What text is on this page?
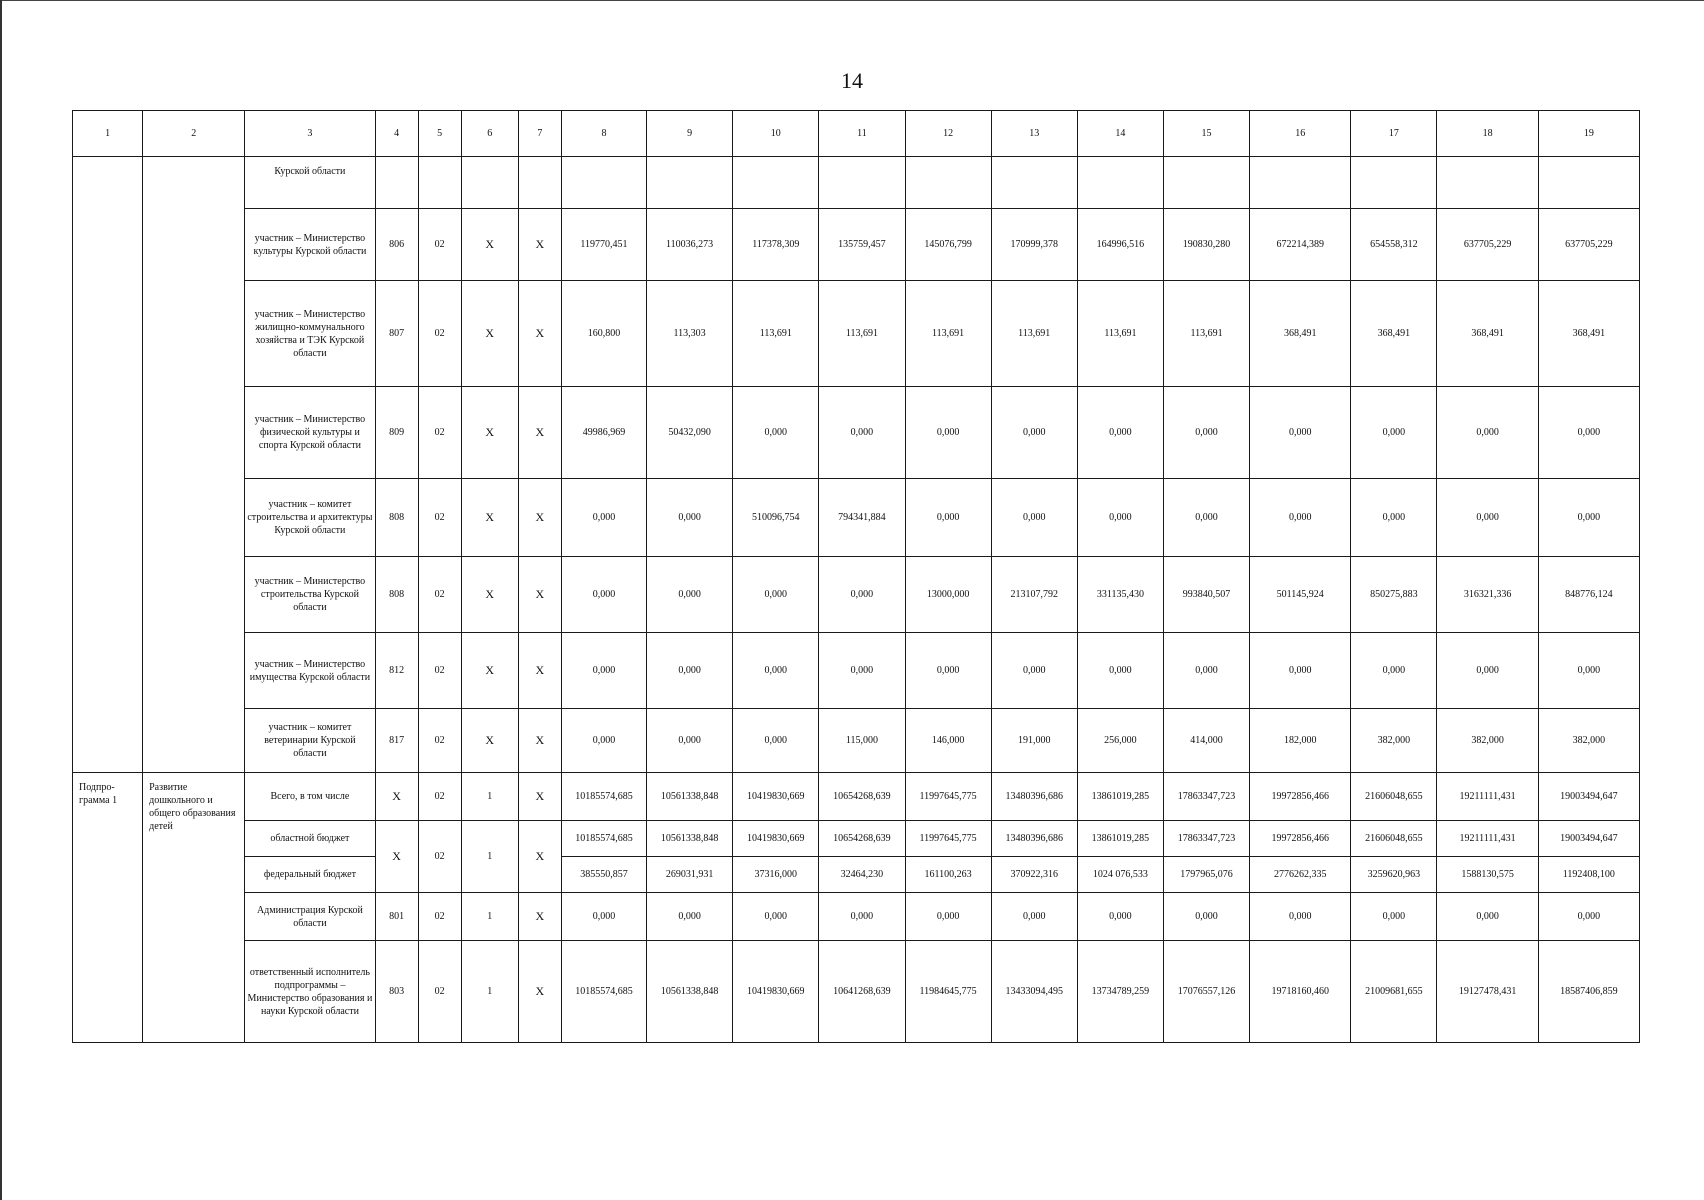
14
1	2	3	4	5	6	7	8	9	10	11	12	13	14	15	16	17	18	19
		Курской области																
		участник – Министерство культуры Курской области	806	02	X	X	119770,451	110036,273	117378,309	135759,457	145076,799	170999,378	164996,516	190830,280	672214,389	654558,312	637705,229	637705,229
		участник – Министерство жилищно-коммунального хозяйства и ТЭК Курской области	807	02	X	X	160,800	113,303	113,691	113,691	113,691	113,691	113,691	113,691	368,491	368,491	368,491	368,491
		участник – Министерство физической культуры и спорта Курской области	809	02	X	X	49986,969	50432,090	0,000	0,000	0,000	0,000	0,000	0,000	0,000	0,000	0,000	0,000
		участник – комитет строительства и архитектуры Курской области	808	02	X	X	0,000	0,000	510096,754	794341,884	0,000	0,000	0,000	0,000	0,000	0,000	0,000	0,000
		участник – Министерство строительства Курской области	808	02	X	X	0,000	0,000	0,000	0,000	13000,000	213107,792	331135,430	993840,507	501145,924	850275,883	316321,336	848776,124
		участник – Министерство имущества Курской области	812	02	X	X	0,000	0,000	0,000	0,000	0,000	0,000	0,000	0,000	0,000	0,000	0,000	0,000
		участник – комитет ветеринарии Курской области	817	02	X	X	0,000	0,000	0,000	115,000	146,000	191,000	256,000	414,000	182,000	382,000	382,000	382,000
Подпро-грамма 1	Развитие дошкольного и общего образования детей	Всего, в том числе	X	02	1	X	10185574,685	10561338,848	10419830,669	10654268,639	11997645,775	13480396,686	13861019,285	17863347,723	19972856,466	21606048,655	19211111,431	19003494,647
		областной бюджет	X	02	1	X	10185574,685	10561338,848	10419830,669	10654268,639	11997645,775	13480396,686	13861019,285	17863347,723	19972856,466	21606048,655	19211111,431	19003494,647
		федеральный бюджет					385550,857	269031,931	37316,000	32464,230	161100,263	370922,316	1024 076,533	1797965,076	2776262,335	3259620,963	1588130,575	1192408,100
		Администрация Курской области	801	02	1	X	0,000	0,000	0,000	0,000	0,000	0,000	0,000	0,000	0,000	0,000	0,000	0,000
		ответственный исполнитель подпрограммы – Министерство образования и науки Курской области	803	02	1	X	10185574,685	10561338,848	10419830,669	10641268,639	11984645,775	13433094,495	13734789,259	17076557,126	19718160,460	21009681,655	19127478,431	18587406,859
